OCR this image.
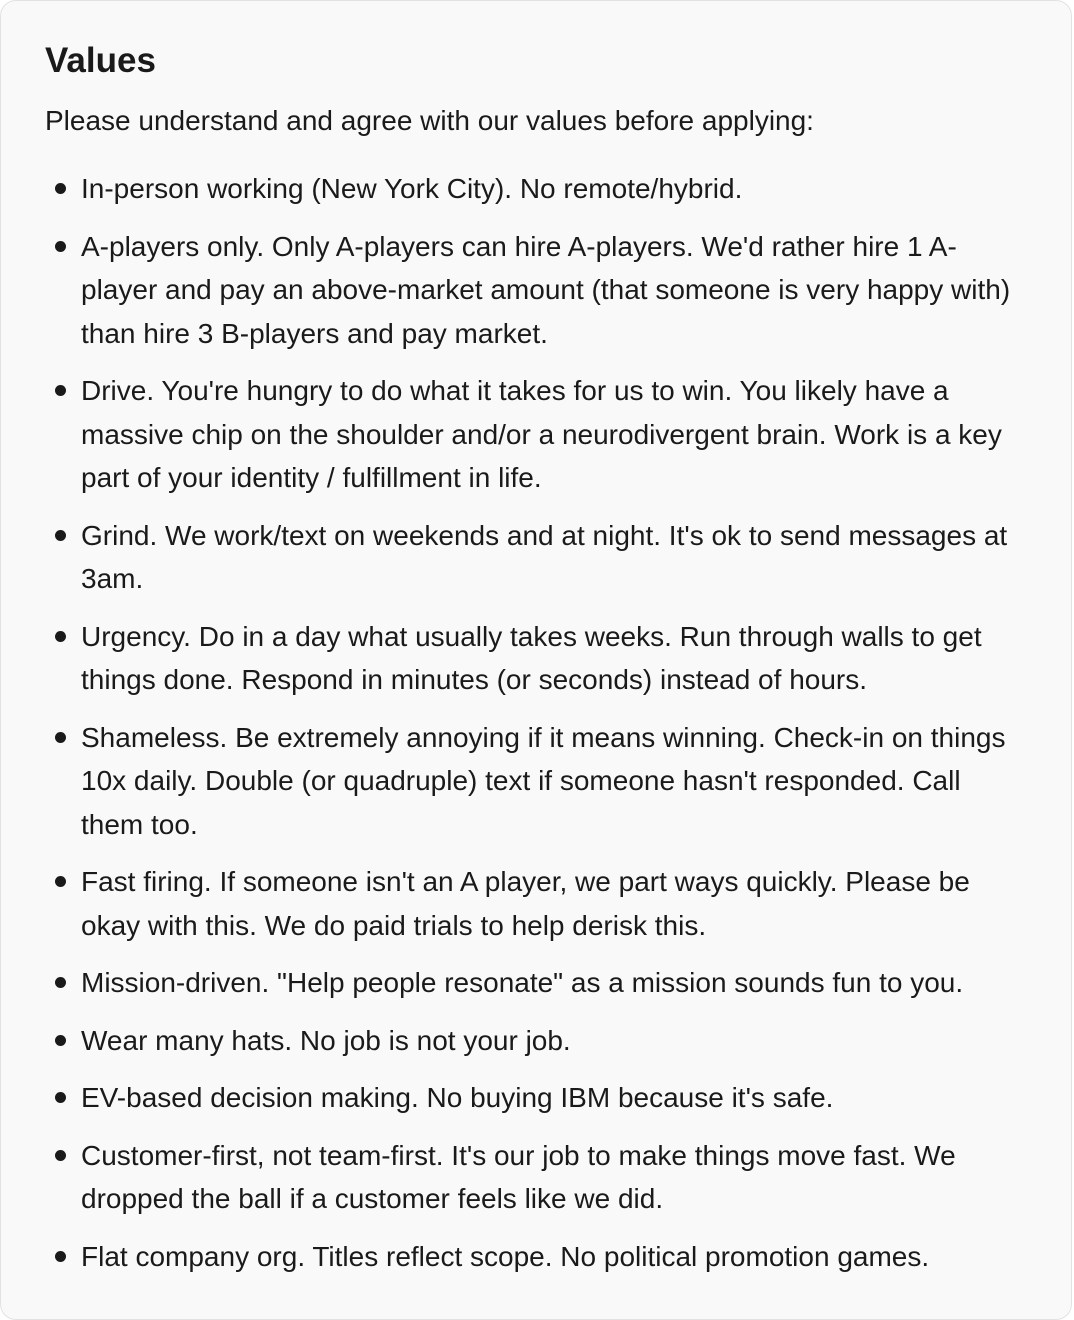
Values

Please understand and agree with our values before applying:

In-person working (New York City). No remote/hybrid.
A-players only. Only A-players can hire A-players. We'd rather hire 1 A-player and pay an above-market amount (that someone is very happy with) than hire 3 B-players and pay market.
Drive. You're hungry to do what it takes for us to win. You likely have a massive chip on the shoulder and/or a neurodivergent brain. Work is a key part of your identity / fulfillment in life.
Grind. We work/text on weekends and at night. It's ok to send messages at 3am.
Urgency. Do in a day what usually takes weeks. Run through walls to get things done. Respond in minutes (or seconds) instead of hours.
Shameless. Be extremely annoying if it means winning. Check-in on things 10x daily. Double (or quadruple) text if someone hasn't responded. Call them too.
Fast firing. If someone isn't an A player, we part ways quickly. Please be okay with this. We do paid trials to help derisk this.
Mission-driven. "Help people resonate" as a mission sounds fun to you.
Wear many hats. No job is not your job.
EV-based decision making. No buying IBM because it's safe.
Customer-first, not team-first. It's our job to make things move fast. We dropped the ball if a customer feels like we did.
Flat company org. Titles reflect scope. No political promotion games.
